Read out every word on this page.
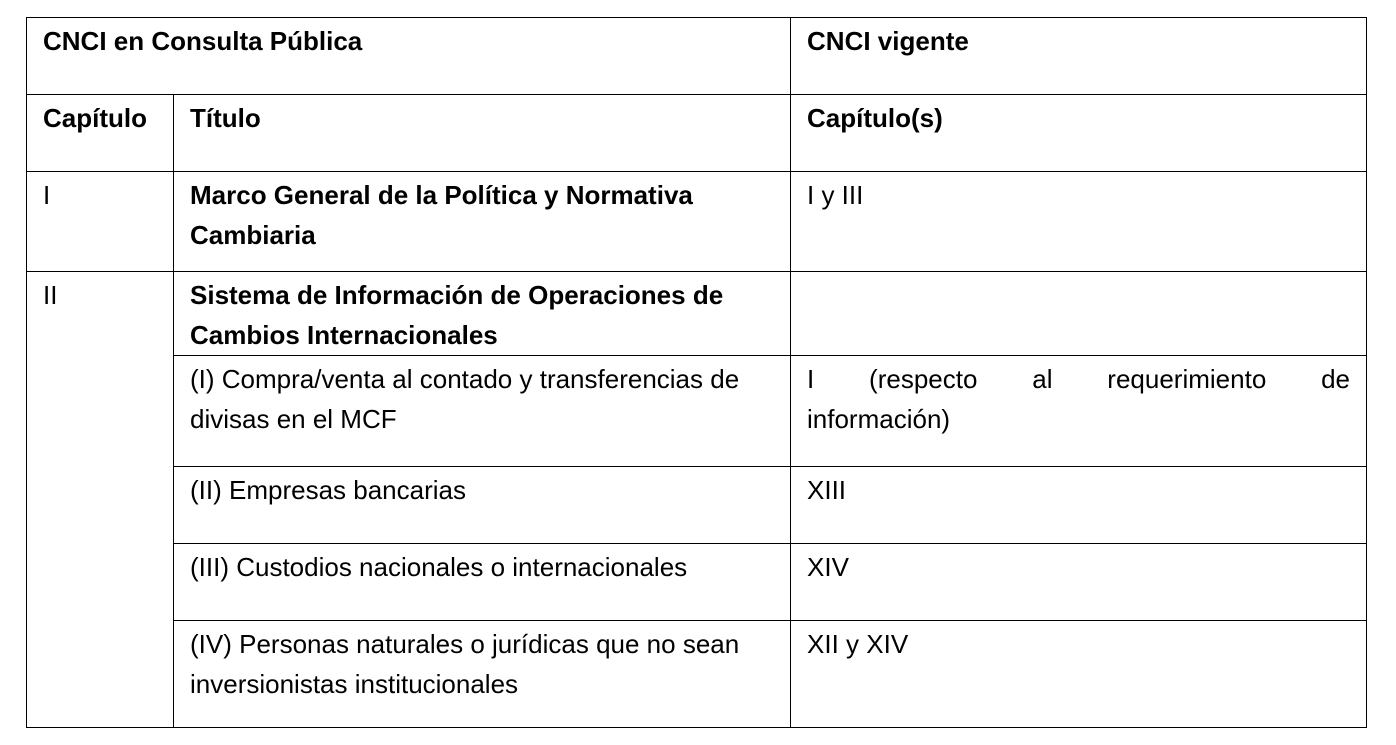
CNCI en Consulta Pública		CNCI vigente
Capítulo	Título	Capítulo(s)
I	Marco General de la Política y Normativa Cambiaria	I y III
II	Sistema de Información de Operaciones de Cambios Internacionales	
	(I) Compra/venta al contado y transferencias de divisas en el MCF	I (respecto al requerimiento de
información)

	(II) Empresas bancarias	XIII
	(III) Custodios nacionales o internacionales	XIV
	(IV) Personas naturales o jurídicas que no sean inversionistas institucionales	XII y XIV
